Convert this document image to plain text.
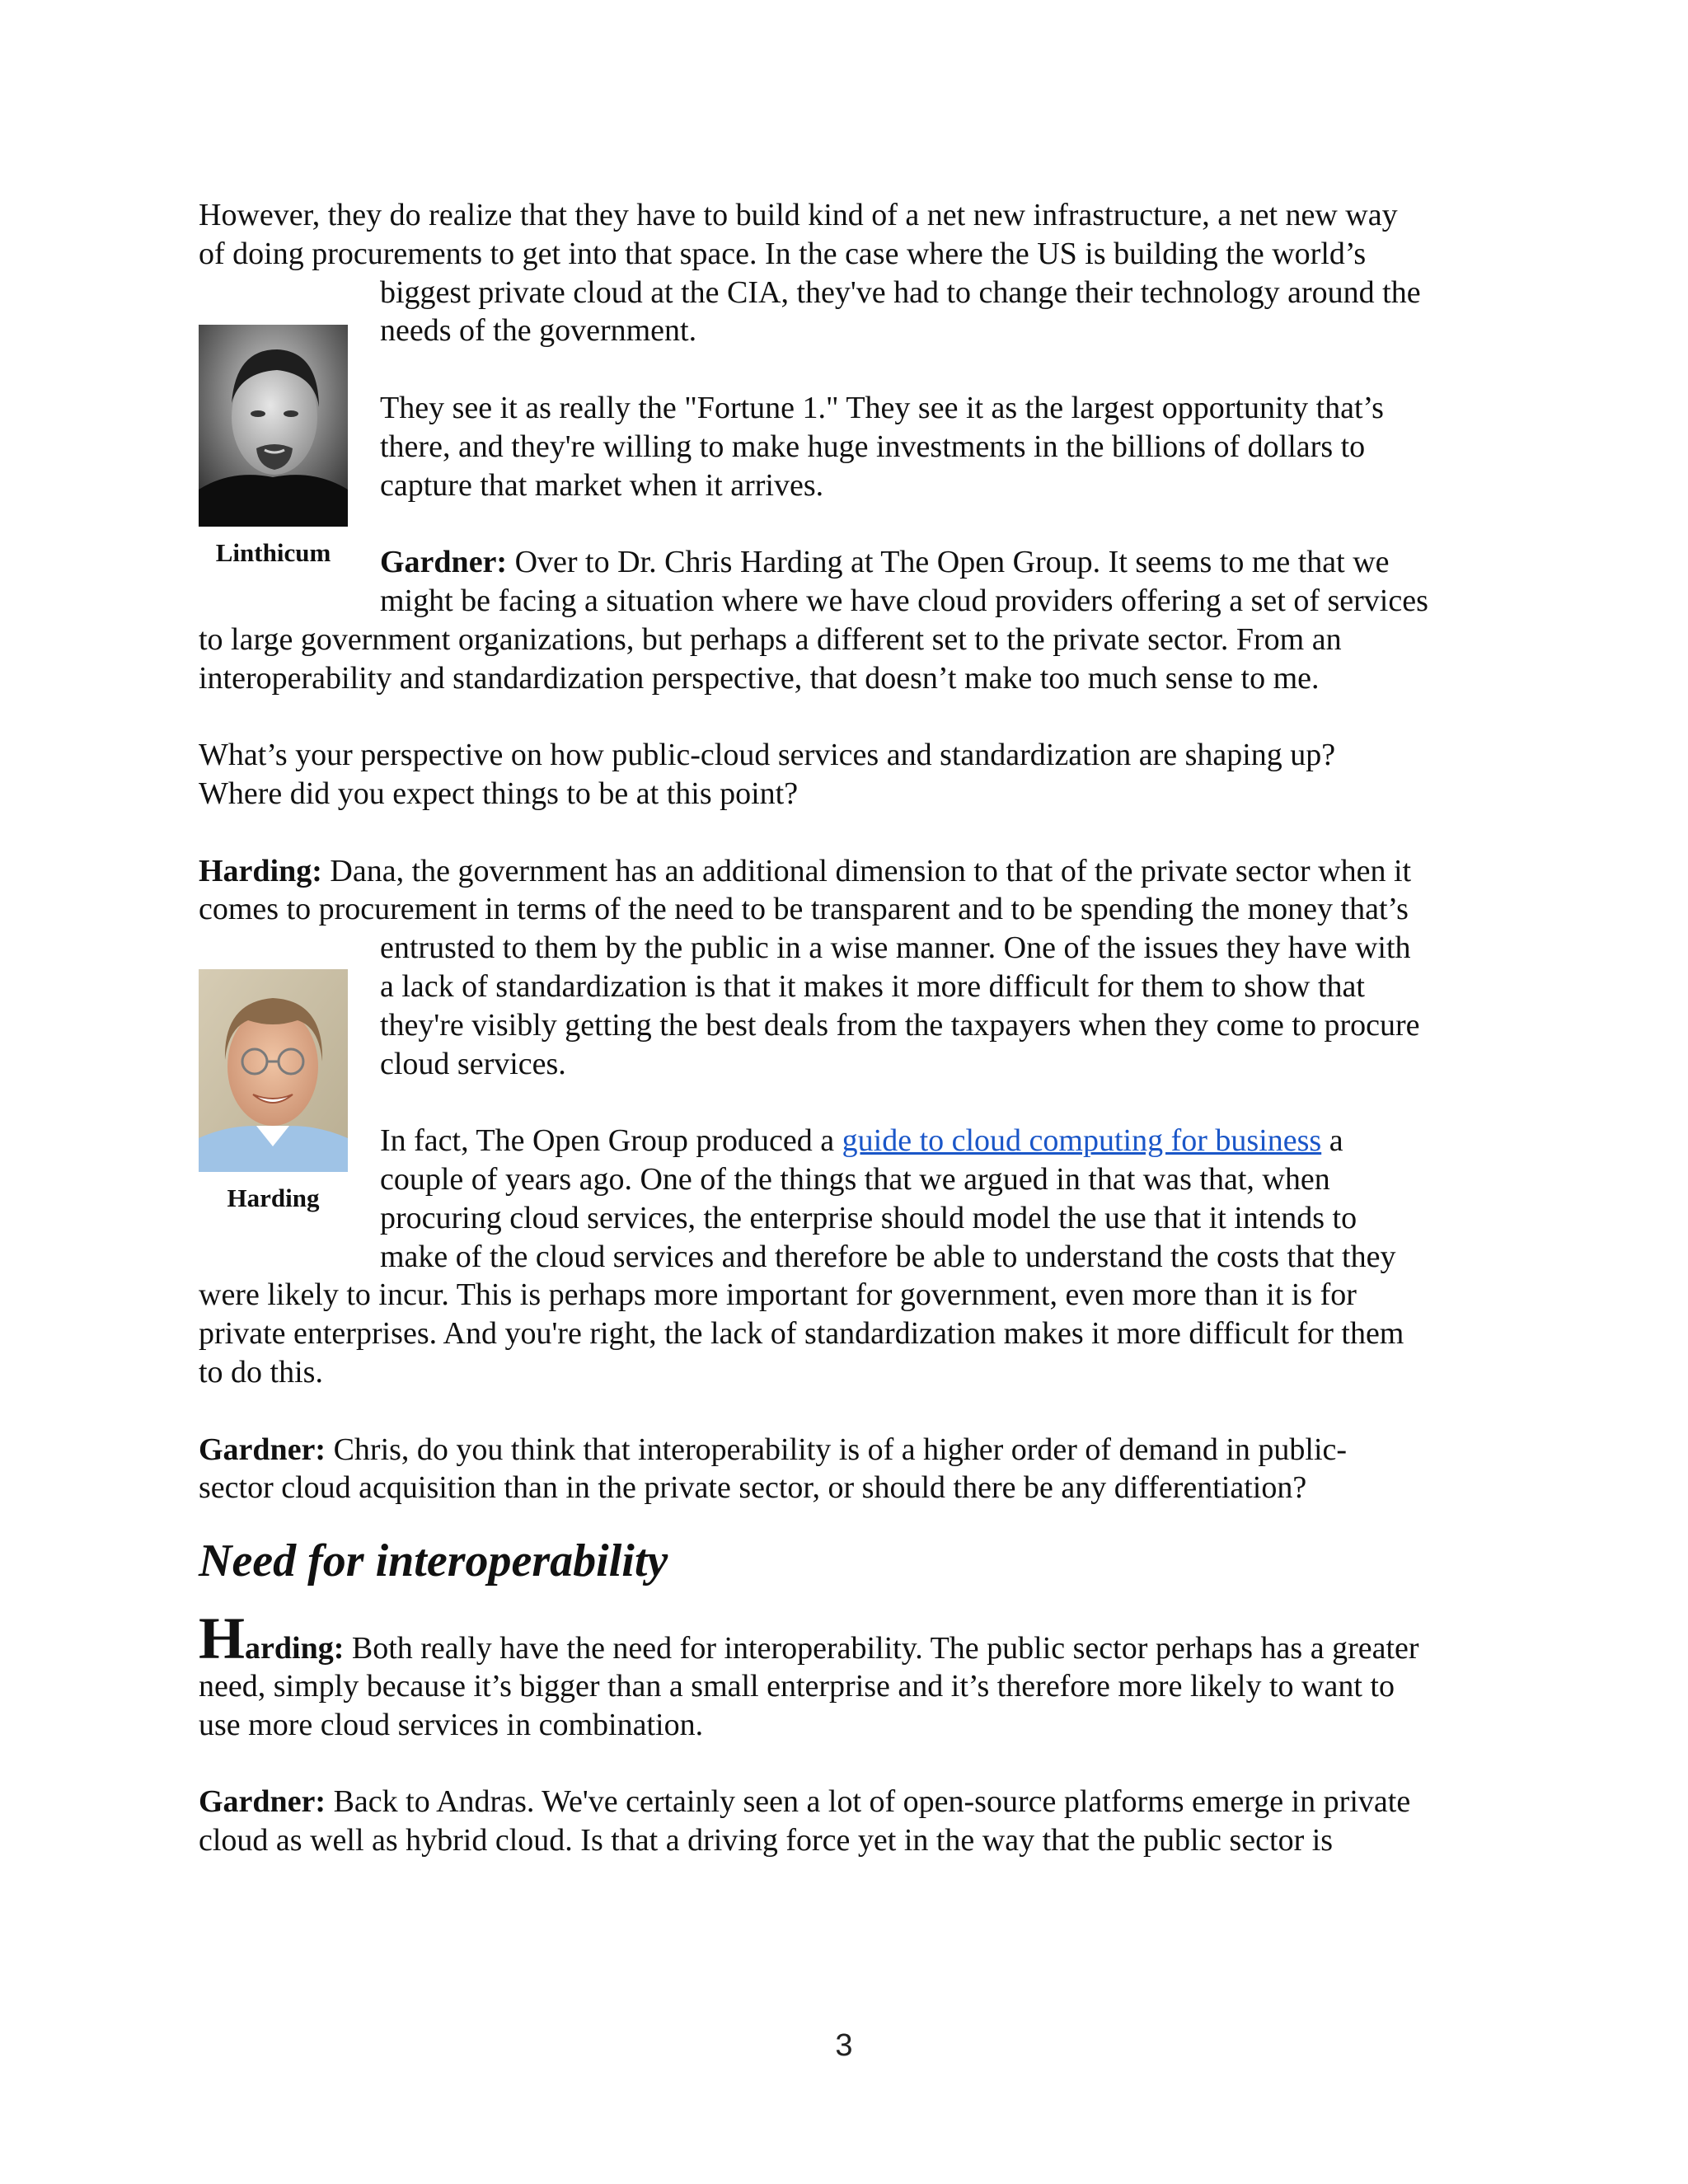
Linthicum
Harding
However, they do realize that they have to build kind of a net new infrastructure, a net new way
of doing procurements to get into that space. In the case where the US is building the world’s
biggest private cloud at the CIA, they've had to change their technology around the
needs of the government.
They see it as really the "Fortune 1." They see it as the largest opportunity that’s
there, and they're willing to make huge investments in the billions of dollars to
capture that market when it arrives.
Gardner: Over to Dr. Chris Harding at The Open Group. It seems to me that we
might be facing a situation where we have cloud providers offering a set of services
to large government organizations, but perhaps a different set to the private sector. From an
interoperability and standardization perspective, that doesn’t make too much sense to me.
What’s your perspective on how public-cloud services and standardization are shaping up?
Where did you expect things to be at this point?
Harding: Dana, the government has an additional dimension to that of the private sector when it
comes to procurement in terms of the need to be transparent and to be spending the money that’s
entrusted to them by the public in a wise manner. One of the issues they have with
a lack of standardization is that it makes it more difficult for them to show that
they're visibly getting the best deals from the taxpayers when they come to procure
cloud services.
In fact, The Open Group produced a guide to cloud computing for business a
couple of years ago. One of the things that we argued in that was that, when
procuring cloud services, the enterprise should model the use that it intends to
make of the cloud services and therefore be able to understand the costs that they
were likely to incur. This is perhaps more important for government, even more than it is for
private enterprises. And you're right, the lack of standardization makes it more difficult for them
to do this.
Gardner: Chris, do you think that interoperability is of a higher order of demand in public-
sector cloud acquisition than in the private sector, or should there be any differentiation?
Need for interoperability
Harding: Both really have the need for interoperability. The public sector perhaps has a greater
need, simply because it’s bigger than a small enterprise and it’s therefore more likely to want to
use more cloud services in combination.
Gardner: Back to Andras. We've certainly seen a lot of open-source platforms emerge in private
cloud as well as hybrid cloud. Is that a driving force yet in the way that the public sector is
3
